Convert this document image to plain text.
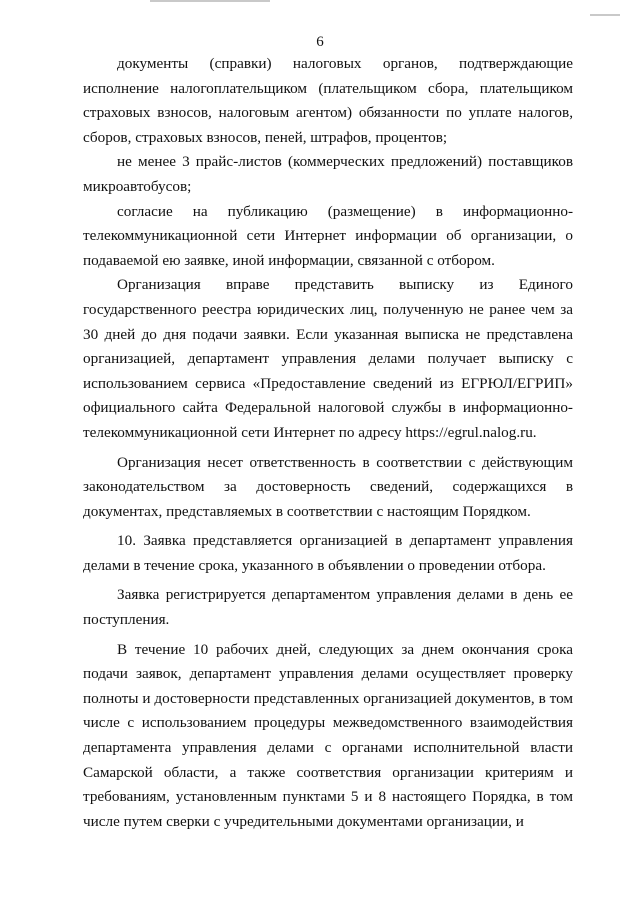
6

документы (справки) налоговых органов, подтверждающие исполнение налогоплательщиком (плательщиком сбора, плательщиком страховых взносов, налоговым агентом) обязанности по уплате налогов, сборов, страховых взносов, пеней, штрафов, процентов;

не менее 3 прайс-листов (коммерческих предложений) поставщиков микроавтобусов;

согласие на публикацию (размещение) в информационно-телекоммуникационной сети Интернет информации об организации, о подаваемой ею заявке, иной информации, связанной с отбором.

Организация вправе представить выписку из Единого государственного реестра юридических лиц, полученную не ранее чем за 30 дней до дня подачи заявки. Если указанная выписка не представлена организацией, департамент управления делами получает выписку с использованием сервиса «Предоставление сведений из ЕГРЮЛ/ЕГРИП» официального сайта Федеральной налоговой службы в информационно-телекоммуникационной сети Интернет по адресу https://egrul.nalog.ru.

Организация несет ответственность в соответствии с действующим законодательством за достоверность сведений, содержащихся в документах, представляемых в соответствии с настоящим Порядком.

10. Заявка представляется организацией в департамент управления делами в течение срока, указанного в объявлении о проведении отбора.

Заявка регистрируется департаментом управления делами в день ее поступления.

В течение 10 рабочих дней, следующих за днем окончания срока подачи заявок, департамент управления делами осуществляет проверку полноты и достоверности представленных организацией документов, в том числе с использованием процедуры межведомственного взаимодействия департамента управления делами с органами исполнительной власти Самарской области, а также соответствия организации критериям и требованиям, установленным пунктами 5 и 8 настоящего Порядка, в том числе путем сверки с учредительными документами организации, и
